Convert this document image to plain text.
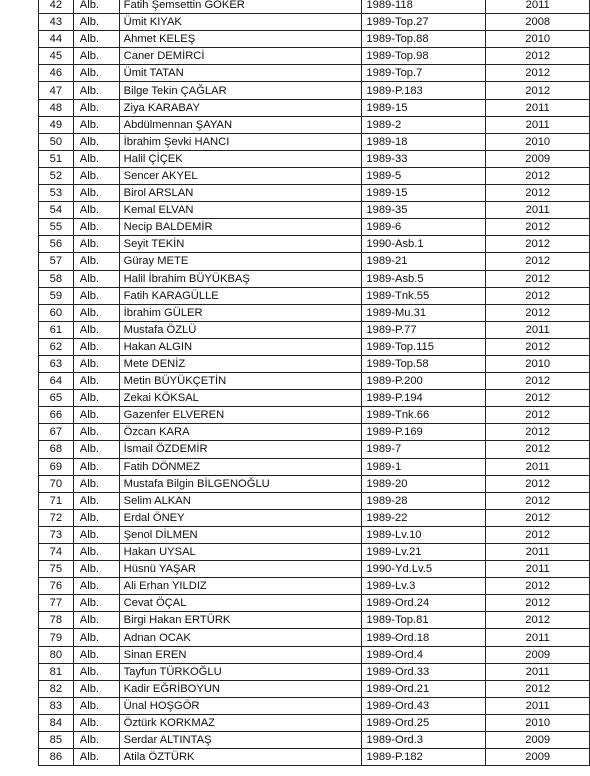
42	Alb.	Fatih Şemsettin GÖKER	1989-118	2011
43	Alb.	Ümit KIYAK	1989-Top.27	2008
44	Alb.	Ahmet KELEŞ	1989-Top.88	2010
45	Alb.	Caner DEMİRCİ	1989-Top.98	2012
46	Alb.	Ümit TATAN	1989-Top.7	2012
47	Alb.	Bilge Tekin ÇAĞLAR	1989-P.183	2012
48	Alb.	Ziya KARABAY	1989-15	2011
49	Alb.	Abdülmennan ŞAYAN	1989-2	2011
50	Alb.	İbrahim Şevki HANCI	1989-18	2010
51	Alb.	Halil ÇİÇEK	1989-33	2009
52	Alb.	Sencer AKYEL	1989-5	2012
53	Alb.	Birol ARSLAN	1989-15	2012
54	Alb.	Kemal ELVAN	1989-35	2011
55	Alb.	Necip BALDEMİR	1989-6	2012
56	Alb.	Seyit TEKİN	1990-Asb.1	2012
57	Alb.	Güray METE	1989-21	2012
58	Alb.	Halil İbrahim BÜYÜKBAŞ	1989-Asb.5	2012
59	Alb.	Fatih KARAGÜLLE	1989-Tnk.55	2012
60	Alb.	İbrahim GÜLER	1989-Mu.31	2012
61	Alb.	Mustafa ÖZLÜ	1989-P.77	2011
62	Alb.	Hakan ALGIN	1989-Top.115	2012
63	Alb.	Mete DENİZ	1989-Top.58	2010
64	Alb.	Metin BÜYÜKÇETİN	1989-P.200	2012
65	Alb.	Zekai KÖKSAL	1989-P.194	2012
66	Alb.	Gazenfer ELVEREN	1989-Tnk.66	2012
67	Alb.	Özcan KARA	1989-P.169	2012
68	Alb.	İsmail ÖZDEMİR	1989-7	2012
69	Alb.	Fatih DÖNMEZ	1989-1	2011
70	Alb.	Mustafa Bilgin BİLGENOĞLU	1989-20	2012
71	Alb.	Selim ALKAN	1989-28	2012
72	Alb.	Erdal ÖNEY	1989-22	2012
73	Alb.	Şenol DİLMEN	1989-Lv.10	2012
74	Alb.	Hakan UYSAL	1989-Lv.21	2011
75	Alb.	Hüsnü YAŞAR	1990-Yd.Lv.5	2011
76	Alb.	Ali Erhan YILDIZ	1989-Lv.3	2012
77	Alb.	Cevat ÖÇAL	1989-Ord.24	2012
78	Alb.	Birgi Hakan ERTÜRK	1989-Top.81	2012
79	Alb.	Adnan OCAK	1989-Ord.18	2011
80	Alb.	Sinan EREN	1989-Ord.4	2009
81	Alb.	Tayfun TÜRKOĞLU	1989-Ord.33	2011
82	Alb.	Kadir EĞRİBOYUN	1989-Ord.21	2012
83	Alb.	Ünal HOŞGÖR	1989-Ord.43	2011
84	Alb.	Öztürk KORKMAZ	1989-Ord.25	2010
85	Alb.	Serdar ALTINTAŞ	1989-Ord.3	2009
86	Alb.	Atila ÖZTÜRK	1989-P.182	2009
